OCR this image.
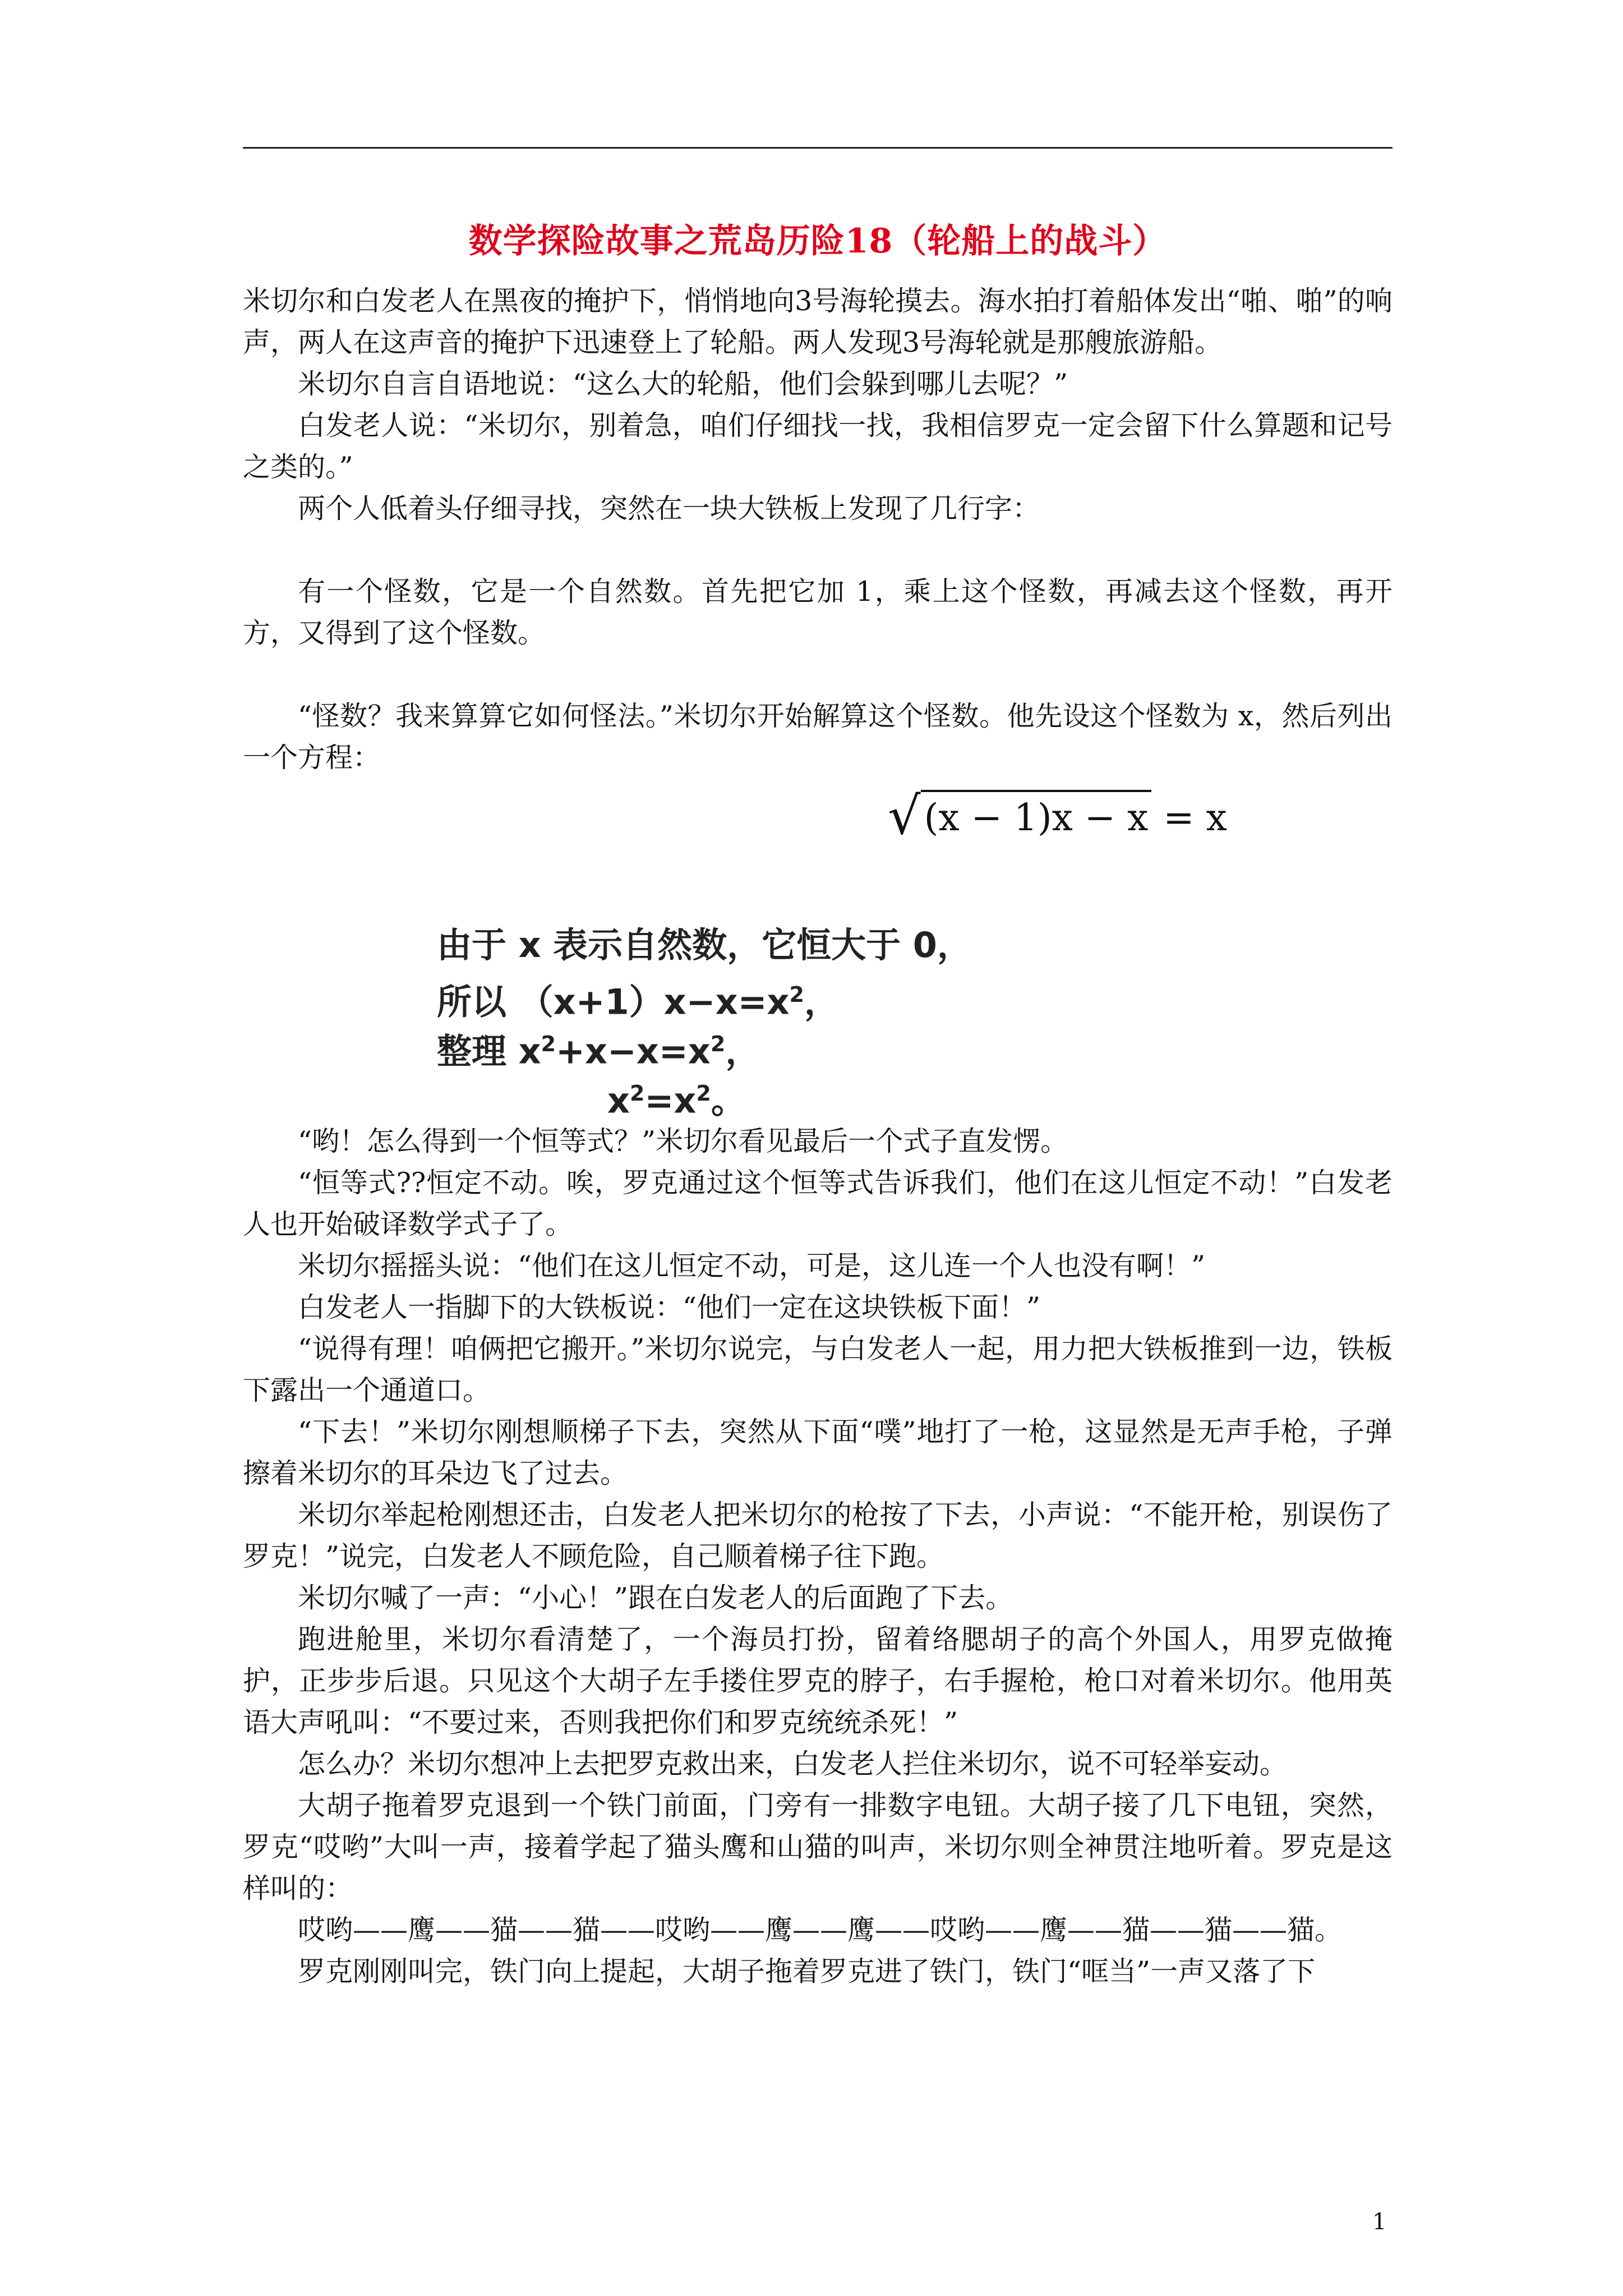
数学探险故事之荒岛历险18（轮船上的战斗）

米切尔和白发老人在黑夜的掩护下，悄悄地向3号海轮摸去。海水拍打着船体发出“啪、啪”的响声，两人在这声音的掩护下迅速登上了轮船。两人发现3号海轮就是那艘旅游船。

米切尔自言自语地说：“这么大的轮船，他们会躲到哪儿去呢？”

白发老人说：“米切尔，别着急，咱们仔细找一找，我相信罗克一定会留下什么算题和记号之类的。”

两个人低着头仔细寻找，突然在一块大铁板上发现了几行字：

有一个怪数，它是一个自然数。首先把它加 1，乘上这个怪数，再减去这个怪数，再开方，又得到了这个怪数。

“怪数？我来算算它如何怪法。”米切尔开始解算这个怪数。他先设这个怪数为 x，然后列出一个方程：

√(x − 1)x − x = x
由于 x 表示自然数，它恒大于 0，
所以 $(x+1)x-x=x^2$，
整理 $x^2+x-x=x^2$，
$x^2=x^2$。

“哟！怎么得到一个恒等式？”米切尔看见最后一个式子直发愣。

“恒等式??恒定不动。唉，罗克通过这个恒等式告诉我们，他们在这儿恒定不动！”白发老人也开始破译数学式子了。

米切尔摇摇头说：“他们在这儿恒定不动，可是，这儿连一个人也没有啊！”

白发老人一指脚下的大铁板说：“他们一定在这块铁板下面！”

“说得有理！咱俩把它搬开。”米切尔说完，与白发老人一起，用力把大铁板推到一边，铁板下露出一个通道口。

“下去！”米切尔刚想顺梯子下去，突然从下面“噗”地打了一枪，这显然是无声手枪，子弹擦着米切尔的耳朵边飞了过去。

米切尔举起枪刚想还击，白发老人把米切尔的枪按了下去，小声说：“不能开枪，别误伤了罗克！”说完，白发老人不顾危险，自己顺着梯子往下跑。

米切尔喊了一声：“小心！”跟在白发老人的后面跑了下去。

跑进舱里，米切尔看清楚了，一个海员打扮，留着络腮胡子的高个外国人，用罗克做掩护，正步步后退。只见这个大胡子左手搂住罗克的脖子，右手握枪，枪口对着米切尔。他用英语大声吼叫：“不要过来，否则我把你们和罗克统统杀死！”

怎么办？米切尔想冲上去把罗克救出来，白发老人拦住米切尔，说不可轻举妄动。

大胡子拖着罗克退到一个铁门前面，门旁有一排数字电钮。大胡子接了几下电钮，突然，罗克“哎哟”大叫一声，接着学起了猫头鹰和山猫的叫声，米切尔则全神贯注地听着。罗克是这样叫的：

哎哟——鹰——猫——猫——哎哟——鹰——鹰——哎哟——鹰——猫——猫——猫。

罗克刚刚叫完，铁门向上提起，大胡子拖着罗克进了铁门，铁门“哐当”一声又落了下

1
